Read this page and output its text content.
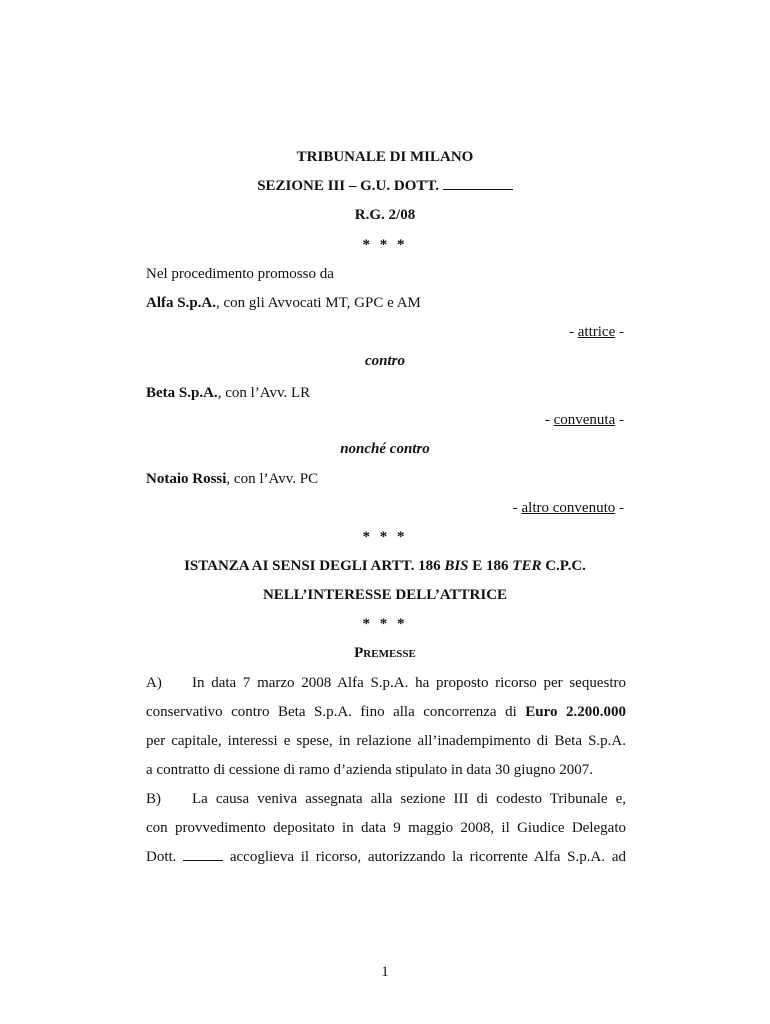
TRIBUNALE DI MILANO
SEZIONE III – G.U. DOTT.
R.G. 2/08
* * *
Nel procedimento promosso da
Alfa S.p.A., con gli Avvocati MT, GPC e AM
- attrice -
contro
Beta S.p.A., con l’Avv. LR
- convenuta -
nonché contro
Notaio Rossi, con l’Avv. PC
- altro convenuto -
* * *
ISTANZA AI SENSI DEGLI ARTT. 186 BIS E 186 TER C.P.C.
NELL’INTERESSE DELL’ATTRICE
* * *
Premesse
A) In data 7 marzo 2008 Alfa S.p.A. ha proposto ricorso per sequestro
conservativo contro Beta S.p.A. fino alla concorrenza di Euro 2.200.000
per capitale, interessi e spese, in relazione all’inadempimento di Beta S.p.A.
a contratto di cessione di ramo d’azienda stipulato in data 30 giugno 2007.
B) La causa veniva assegnata alla sezione III di codesto Tribunale e,
con provvedimento depositato in data 9 maggio 2008, il Giudice Delegato
Dott.	accoglieva il ricorso, autorizzando la ricorrente Alfa S.p.A. ad
1
